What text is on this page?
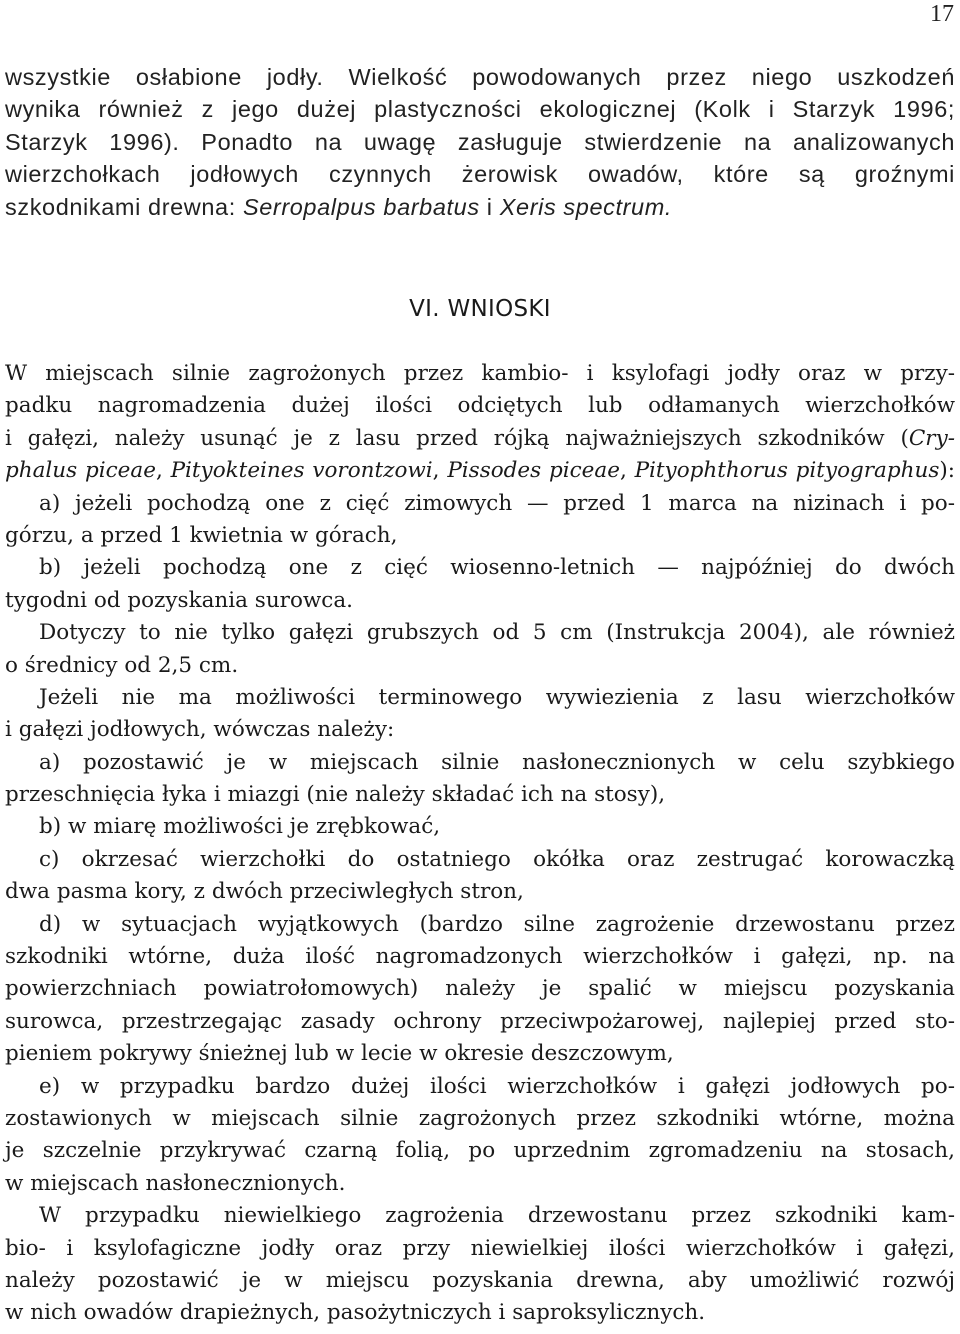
17
wszystkie osłabione jodły. Wielkość powodowanych przez niego uszkodzeń
wynika również z jego dużej plastyczności ekologicznej (Kolk i Starzyk 1996;
Starzyk 1996). Ponadto na uwagę zasługuje stwierdzenie na analizowanych
wierzchołkach jodłowych czynnych żerowisk owadów, które są groźnymi
szkodnikami drewna: Serropalpus barbatus i Xeris spectrum.
VI. WNIOSKI
W miejscach silnie zagrożonych przez kambio- i ksylofagi jodły oraz w przy-
padku nagromadzenia dużej ilości odciętych lub odłamanych wierzchołków
i gałęzi, należy usunąć je z lasu przed rójką najważniejszych szkodników (Cry-
phalus piceae, Pityokteines vorontzowi, Pissodes piceae, Pityophthorus pityographus):
a) jeżeli pochodzą one z cięć zimowych — przed 1 marca na nizinach i po-
górzu, a przed 1 kwietnia w górach,
b) jeżeli pochodzą one z cięć wiosenno-letnich — najpóźniej do dwóch
tygodni od pozyskania surowca.
Dotyczy to nie tylko gałęzi grubszych od 5 cm (Instrukcja 2004), ale również
o średnicy od 2,5 cm.
Jeżeli nie ma możliwości terminowego wywiezienia z lasu wierzchołków
i gałęzi jodłowych, wówczas należy:
a) pozostawić je w miejscach silnie nasłonecznionych w celu szybkiego
przeschnięcia łyka i miazgi (nie należy składać ich na stosy),
b) w miarę możliwości je zrębkować,
c) okrzesać wierzchołki do ostatniego okółka oraz zestrugać korowaczką
dwa pasma kory, z dwóch przeciwległych stron,
d) w sytuacjach wyjątkowych (bardzo silne zagrożenie drzewostanu przez
szkodniki wtórne, duża ilość nagromadzonych wierzchołków i gałęzi, np. na
powierzchniach powiatrołomowych) należy je spalić w miejscu pozyskania
surowca, przestrzegając zasady ochrony przeciwpożarowej, najlepiej przed sto-
pieniem pokrywy śnieżnej lub w lecie w okresie deszczowym,
e) w przypadku bardzo dużej ilości wierzchołków i gałęzi jodłowych po-
zostawionych w miejscach silnie zagrożonych przez szkodniki wtórne, można
je szczelnie przykrywać czarną folią, po uprzednim zgromadzeniu na stosach,
w miejscach nasłonecznionych.
W przypadku niewielkiego zagrożenia drzewostanu przez szkodniki kam-
bio- i ksylofagiczne jodły oraz przy niewielkiej ilości wierzchołków i gałęzi,
należy pozostawić je w miejscu pozyskania drewna, aby umożliwić rozwój
w nich owadów drapieżnych, pasożytniczych i saproksylicznych.
